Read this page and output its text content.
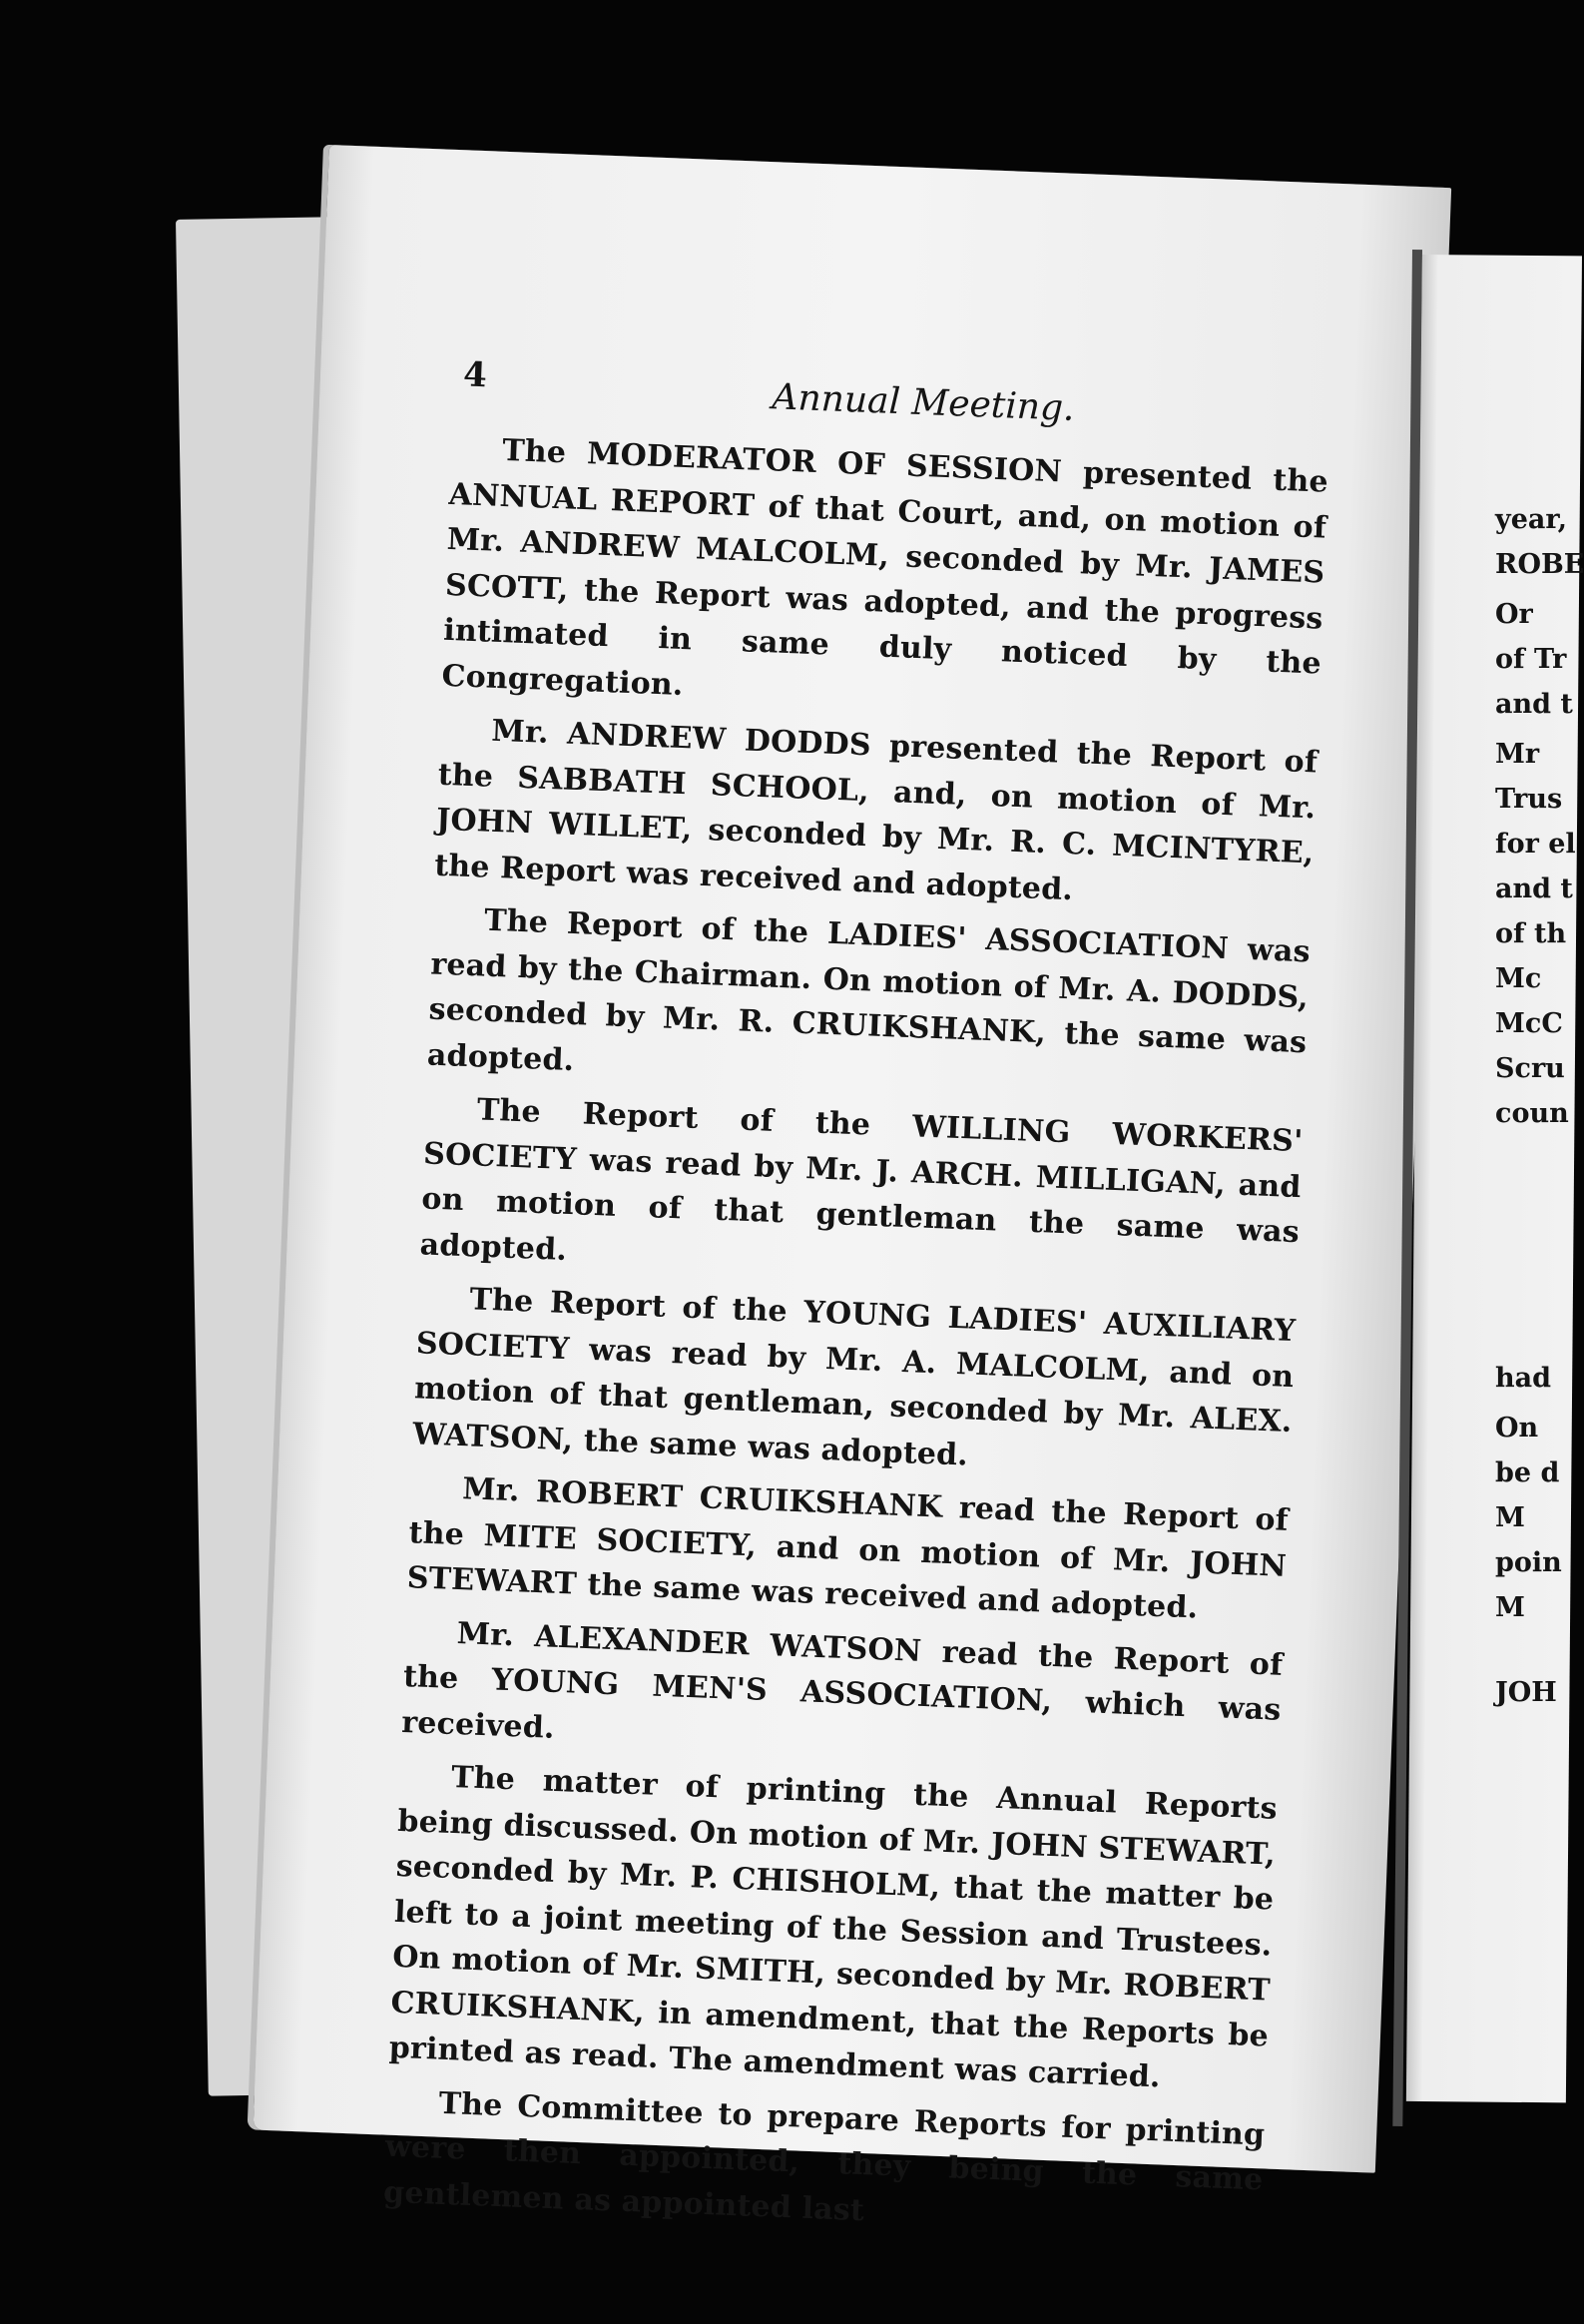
4
Annual Meeting.

The MODERATOR OF SESSION presented the ANNUAL REPORT of that Court, and, on motion of Mr. ANDREW MALCOLM, seconded by Mr. JAMES SCOTT, the Report was adopted, and the progress intimated in same duly noticed by the Congregation.

Mr. ANDREW DODDS presented the Report of the SABBATH SCHOOL, and, on motion of Mr. JOHN WILLET, seconded by Mr. R. C. MCINTYRE, the Report was received and adopted.

The Report of the LADIES' ASSOCIATION was read by the Chairman. On motion of Mr. A. DODDS, seconded by Mr. R. CRUIKSHANK, the same was adopted.

The Report of the WILLING WORKERS' SOCIETY was read by Mr. J. ARCH. MILLIGAN, and on motion of that gentleman the same was adopted.

The Report of the YOUNG LADIES' AUXILIARY SOCIETY was read by Mr. A. MALCOLM, and on motion of that gentleman, seconded by Mr. ALEX. WATSON, the same was adopted.

Mr. ROBERT CRUIKSHANK read the Report of the MITE SOCIETY, and on motion of Mr. JOHN STEWART the same was received and adopted.

Mr. ALEXANDER WATSON read the Report of the YOUNG MEN'S ASSOCIATION, which was received.

The matter of printing the Annual Reports being discussed. On motion of Mr. JOHN STEWART, seconded by Mr. P. CHISHOLM, that the matter be left to a joint meeting of the Session and Trustees. On motion of Mr. SMITH, seconded by Mr. ROBERT CRUIKSHANK, in amendment, that the Reports be printed as read. The amendment was carried.

The Committee to prepare Reports for printing were then appointed, they being the same gentlemen as appointed last

year,
ROBE
Or
of Tr
and t
Mr
Trus
for el
and t
of th
Mc
McC
Scru
coun
had
On
be d
M
poin
M
JOH
